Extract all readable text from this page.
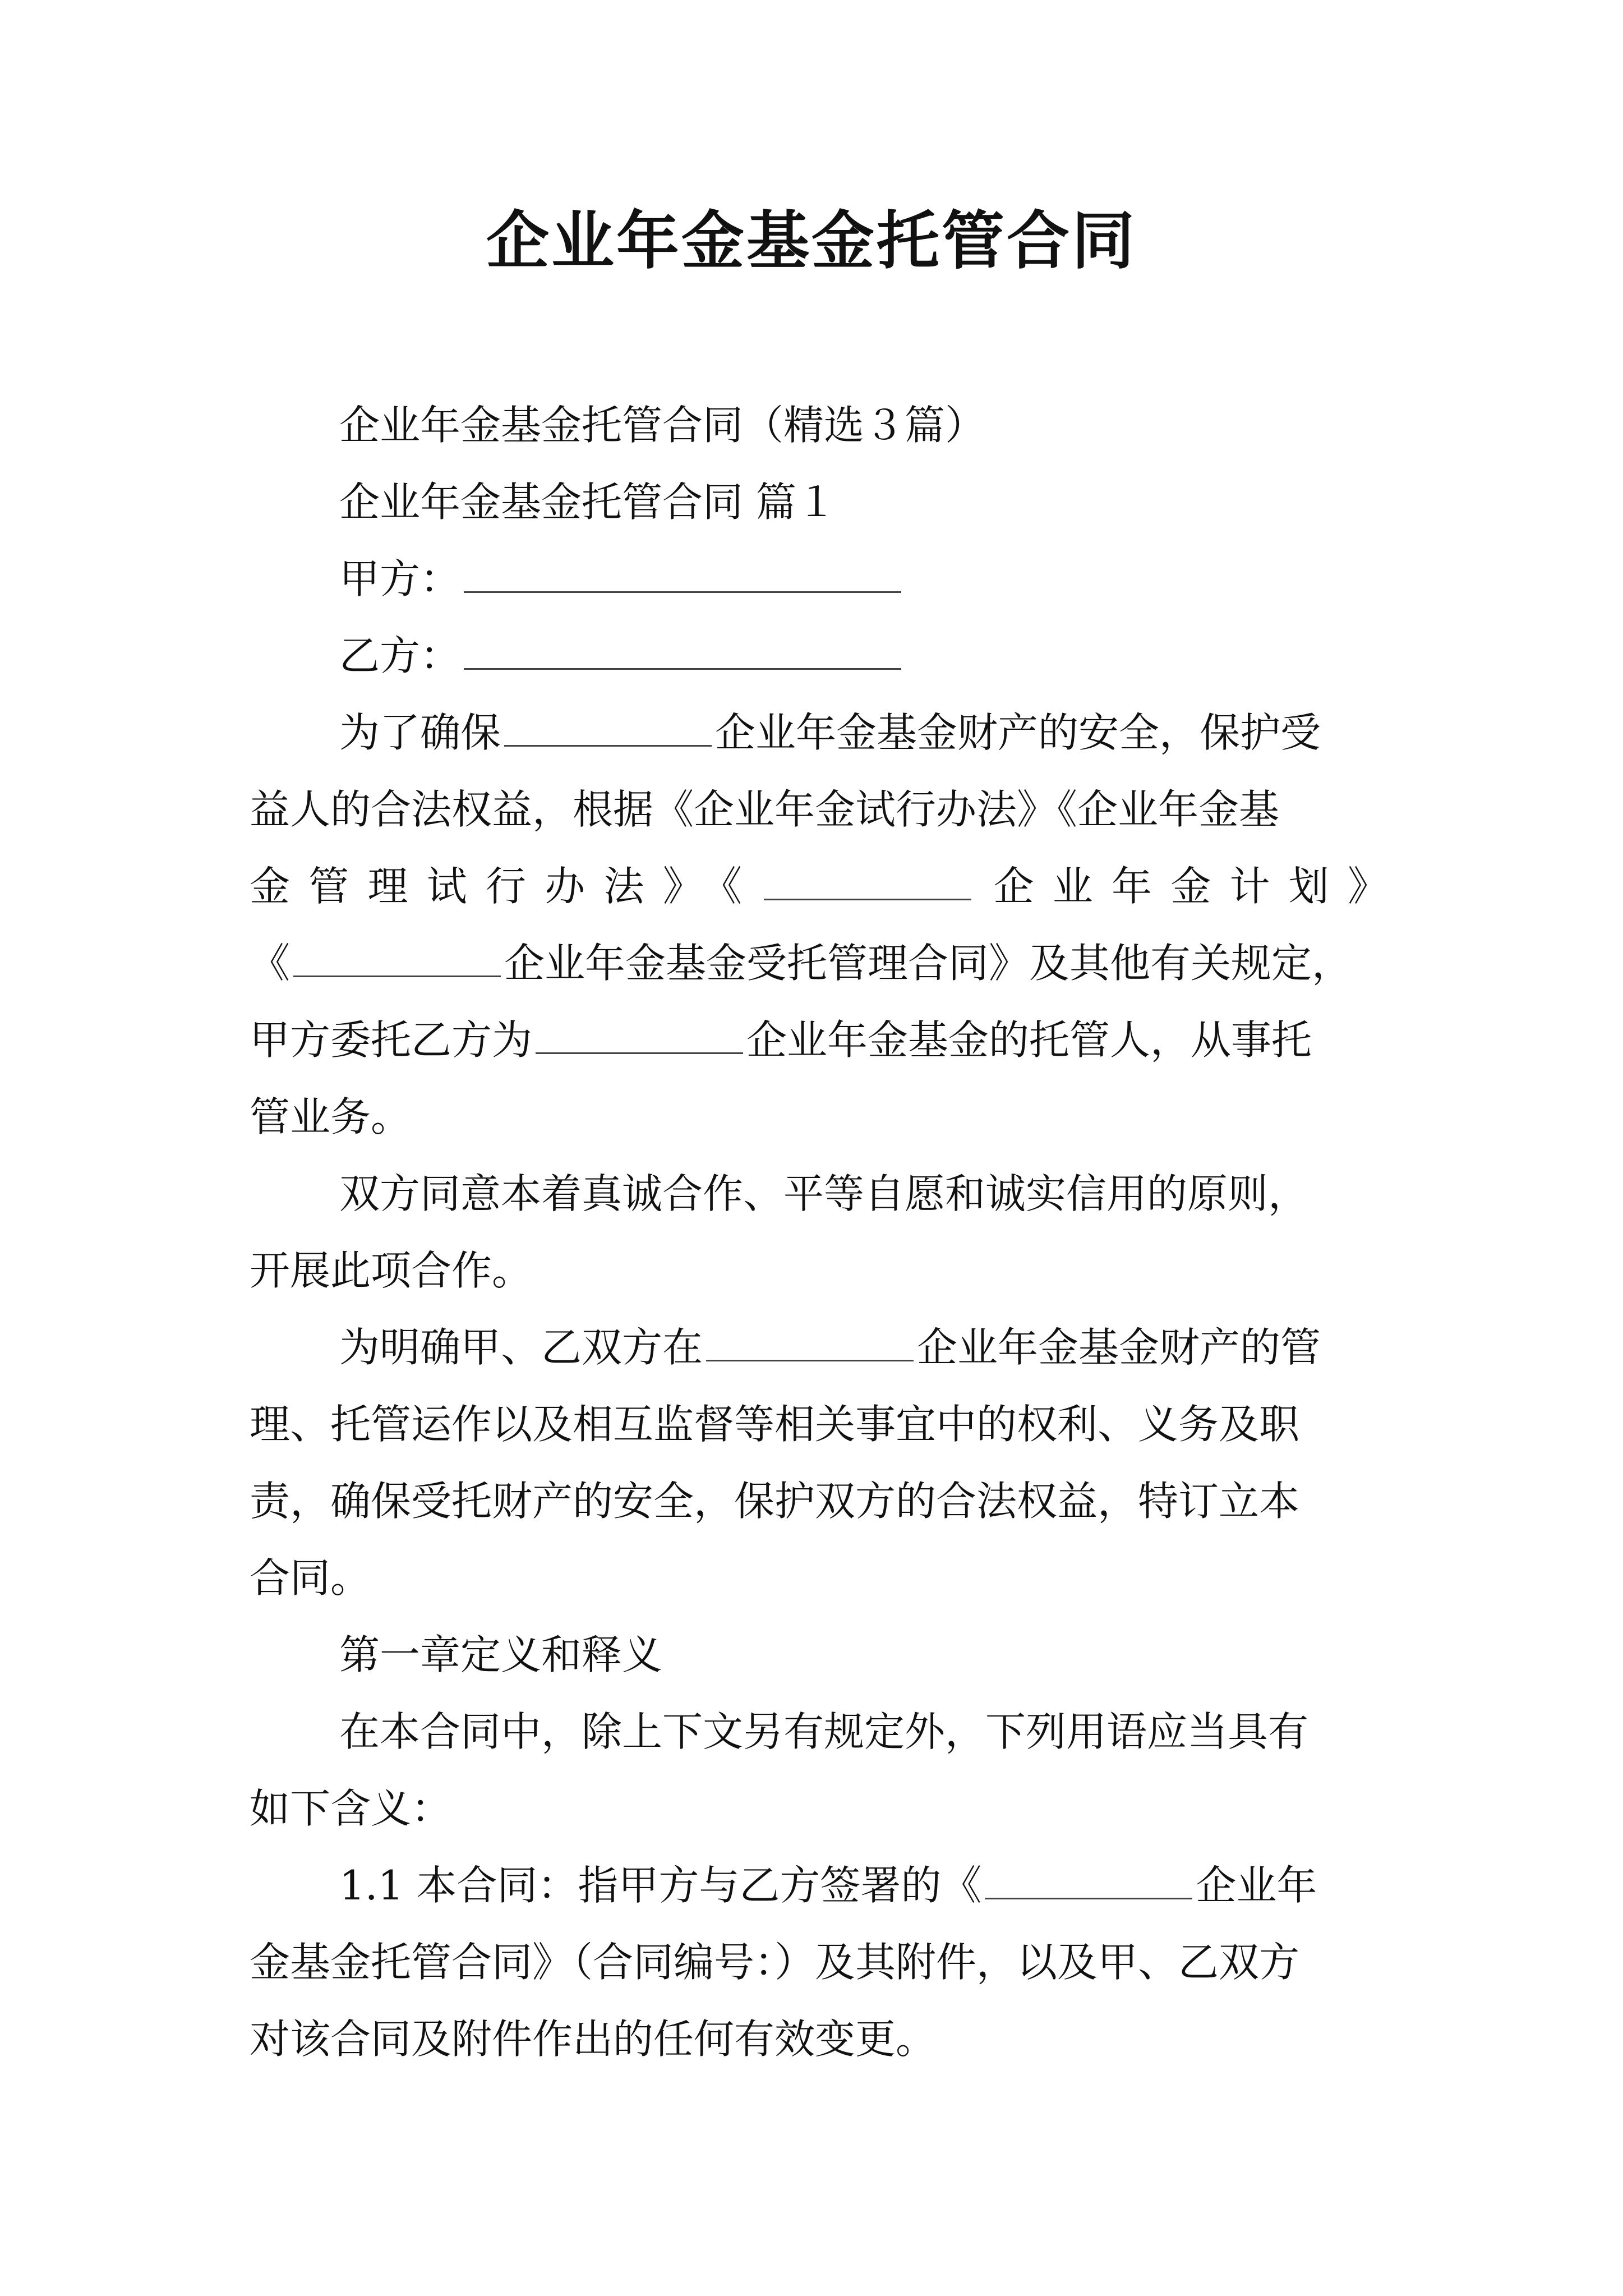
企业年金基金托管合同
企业年金基金托管合同（精选３篇）
企业年金基金托管合同 篇１
甲方：
乙方：
为了确保	企业年金基金财产的安全，保护受
益人的合法权益，根据《企业年金试行办法》《企业年金基
金管理试行办法》《	企业年金计划》
《	企业年金基金受托管理合同》及其他有关规定，
甲方委托乙方为	企业年金基金的托管人，从事托
管业务。
双方同意本着真诚合作、平等自愿和诚实信用的原则，
开展此项合作。
为明确甲、乙双方在	企业年金基金财产的管
理、托管运作以及相互监督等相关事宜中的权利、义务及职
责，确保受托财产的安全，保护双方的合法权益，特订立本
合同。
第一章定义和释义
在本合同中，除上下文另有规定外，下列用语应当具有
如下含义：
1.1 本合同：指甲方与乙方签署的《	企业年
金基金托管合同》（合同编号：）及其附件，以及甲、乙双方
对该合同及附件作出的任何有效变更。
